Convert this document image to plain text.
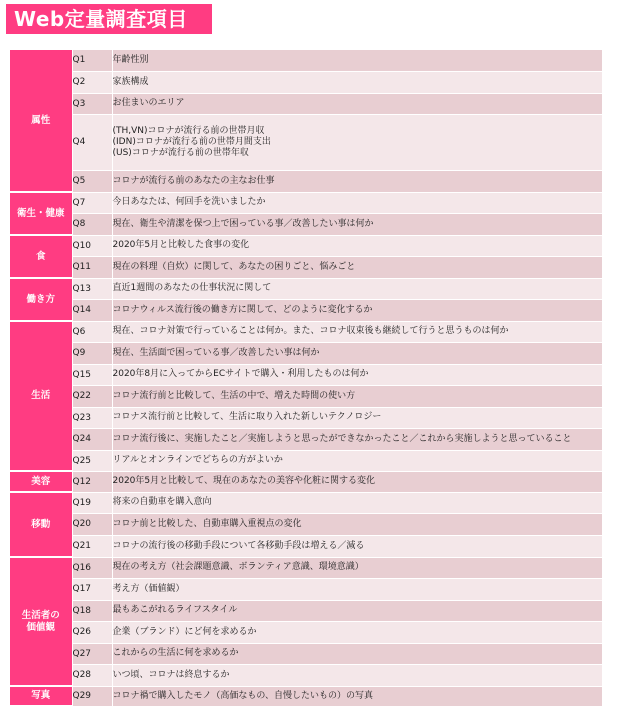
Web定量調査項目
属性	Q1	年齢性別
	Q2	家族構成
	Q3	お住まいのエリア
	Q4	(TH,VN)コロナが流行る前の世帯月収
(IDN)コロナが流行る前の世帯月間支出
(US)コロナが流行る前の世帯年収
	Q5	コロナが流行る前のあなたの主なお仕事
衛生・健康	Q7	今日あなたは、何回手を洗いましたか
	Q8	現在、衛生や清潔を保つ上で困っている事／改善したい事は何か
食	Q10	2020年5月と比較した食事の変化
	Q11	現在の料理（自炊）に関して、あなたの困りごと、悩みごと
働き方	Q13	直近1週間のあなたの仕事状況に関して
	Q14	コロナウィルス流行後の働き方に関して、どのように変化するか
生活	Q6	現在、コロナ対策で行っていることは何か。また、コロナ収束後も継続して行うと思うものは何か
	Q9	現在、生活面で困っている事／改善したい事は何か
	Q15	2020年8月に入ってからECサイトで購入・利用したものは何か
	Q22	コロナ流行前と比較して、生活の中で、増えた時間の使い方
	Q23	コロナス流行前と比較して、生活に取り入れた新しいテクノロジー
	Q24	コロナ流行後に、実施したこと／実施しようと思ったができなかったこと／これから実施しようと思っていること
	Q25	リアルとオンラインでどちらの方がよいか
美容	Q12	2020年5月と比較して、現在のあなたの美容や化粧に関する変化
移動	Q19	将来の自動車を購入意向
	Q20	コロナ前と比較した、自動車購入重視点の変化
	Q21	コロナの流行後の移動手段について各移動手段は増える／減る
生活者の
価値観	Q16	現在の考え方（社会課題意識、ボランティア意識、環境意識）
	Q17	考え方（価値観）
	Q18	最もあこがれるライフスタイル
	Q26	企業（ブランド）にど何を求めるか
	Q27	これからの生活に何を求めるか
	Q28	いつ頃、コロナは終息するか
写真	Q29	コロナ禍で購入したモノ（高価なもの、自慢したいもの）の写真
